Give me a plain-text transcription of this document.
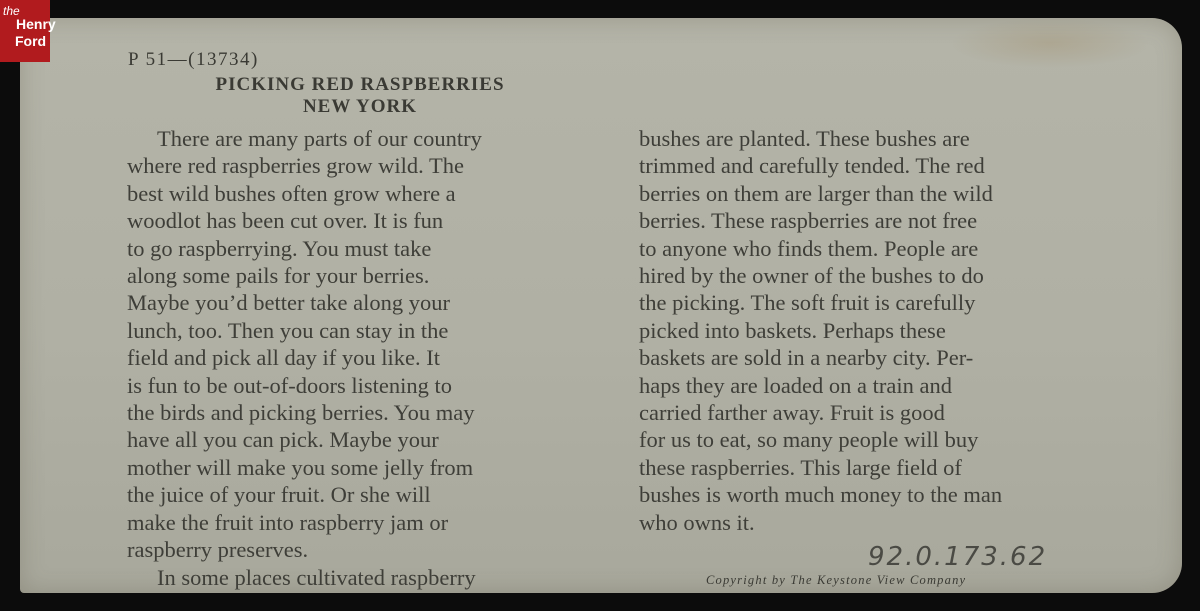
P 51—(13734)
PICKING RED RASPBERRIES
NEW YORK
There are many parts of our country
where red raspberries grow wild. The
best wild bushes often grow where a
woodlot has been cut over. It is fun
to go raspberrying. You must take
along some pails for your berries.
Maybe you’d better take along your
lunch, too. Then you can stay in the
field and pick all day if you like. It
is fun to be out-of-doors listening to
the birds and picking berries. You may
have all you can pick. Maybe your
mother will make you some jelly from
the juice of your fruit. Or she will
make the fruit into raspberry jam or
raspberry preserves.
In some places cultivated raspberry
bushes are planted. These bushes are
trimmed and carefully tended. The red
berries on them are larger than the wild
berries. These raspberries are not free
to anyone who finds them. People are
hired by the owner of the bushes to do
the picking. The soft fruit is carefully
picked into baskets. Perhaps these
baskets are sold in a nearby city. Per-
haps they are loaded on a train and
carried farther away. Fruit is good
for us to eat, so many people will buy
these raspberries. This large field of
bushes is worth much money to the man
who owns it.
92.0.173.62
Copyright by The Keystone View Company
the
Henry
Ford
